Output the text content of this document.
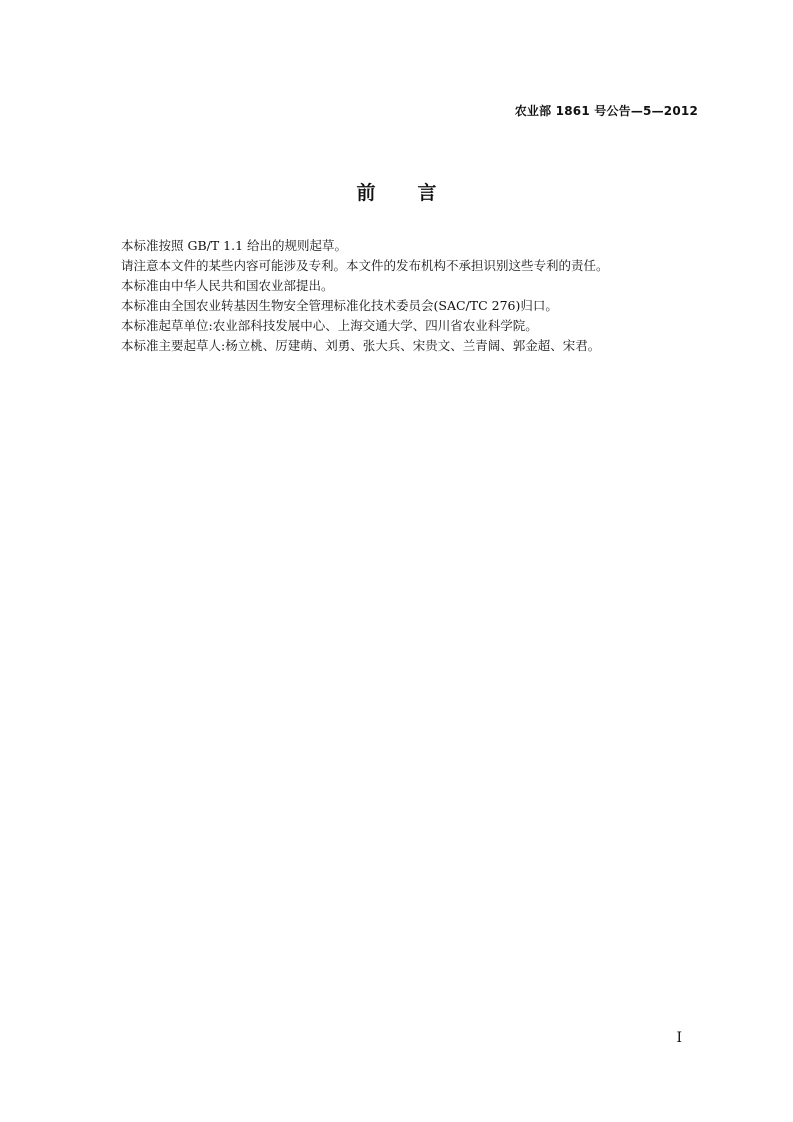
农业部 1861 号公告—5—2012
前言
本标准按照 GB/T 1.1 给出的规则起草。
请注意本文件的某些内容可能涉及专利。本文件的发布机构不承担识别这些专利的责任。
本标准由中华人民共和国农业部提出。
本标准由全国农业转基因生物安全管理标准化技术委员会(SAC/TC 276)归口。
本标准起草单位:农业部科技发展中心、上海交通大学、四川省农业科学院。
本标准主要起草人:杨立桃、厉建萌、刘勇、张大兵、宋贵文、兰青阔、郭金超、宋君。
I
